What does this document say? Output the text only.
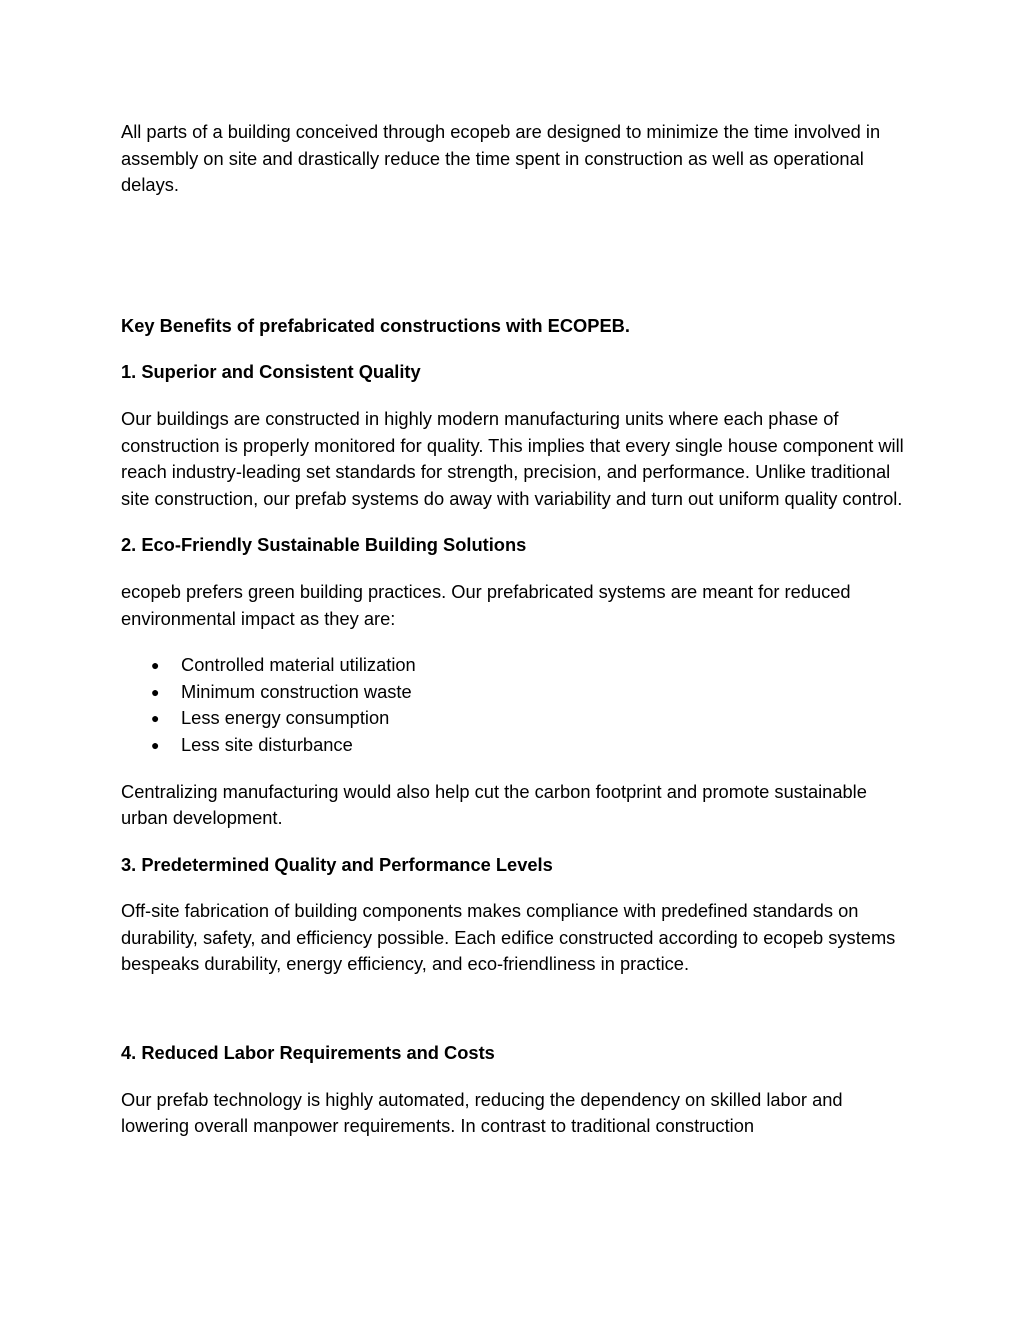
All parts of a building conceived through ecopeb are designed to minimize the time involved in assembly on site and drastically reduce the time spent in construction as well as operational delays.

Key Benefits of prefabricated constructions with ECOPEB.
1. Superior and Consistent Quality

Our buildings are constructed in highly modern manufacturing units where each phase of construction is properly monitored for quality. This implies that every single house component will reach industry-leading set standards for strength, precision, and performance. Unlike traditional site construction, our prefab systems do away with variability and turn out uniform quality control.

2. Eco-Friendly Sustainable Building Solutions

ecopeb prefers green building practices. Our prefabricated systems are meant for reduced environmental impact as they are:

● Controlled material utilization
● Minimum construction waste
● Less energy consumption
● Less site disturbance

Centralizing manufacturing would also help cut the carbon footprint and promote sustainable urban development.

3. Predetermined Quality and Performance Levels

Off-site fabrication of building components makes compliance with predefined standards on durability, safety, and efficiency possible. Each edifice constructed according to ecopeb systems bespeaks durability, energy efficiency, and eco-friendliness in practice.

4. Reduced Labor Requirements and Costs

Our prefab technology is highly automated, reducing the dependency on skilled labor and lowering overall manpower requirements. In contrast to traditional construction
